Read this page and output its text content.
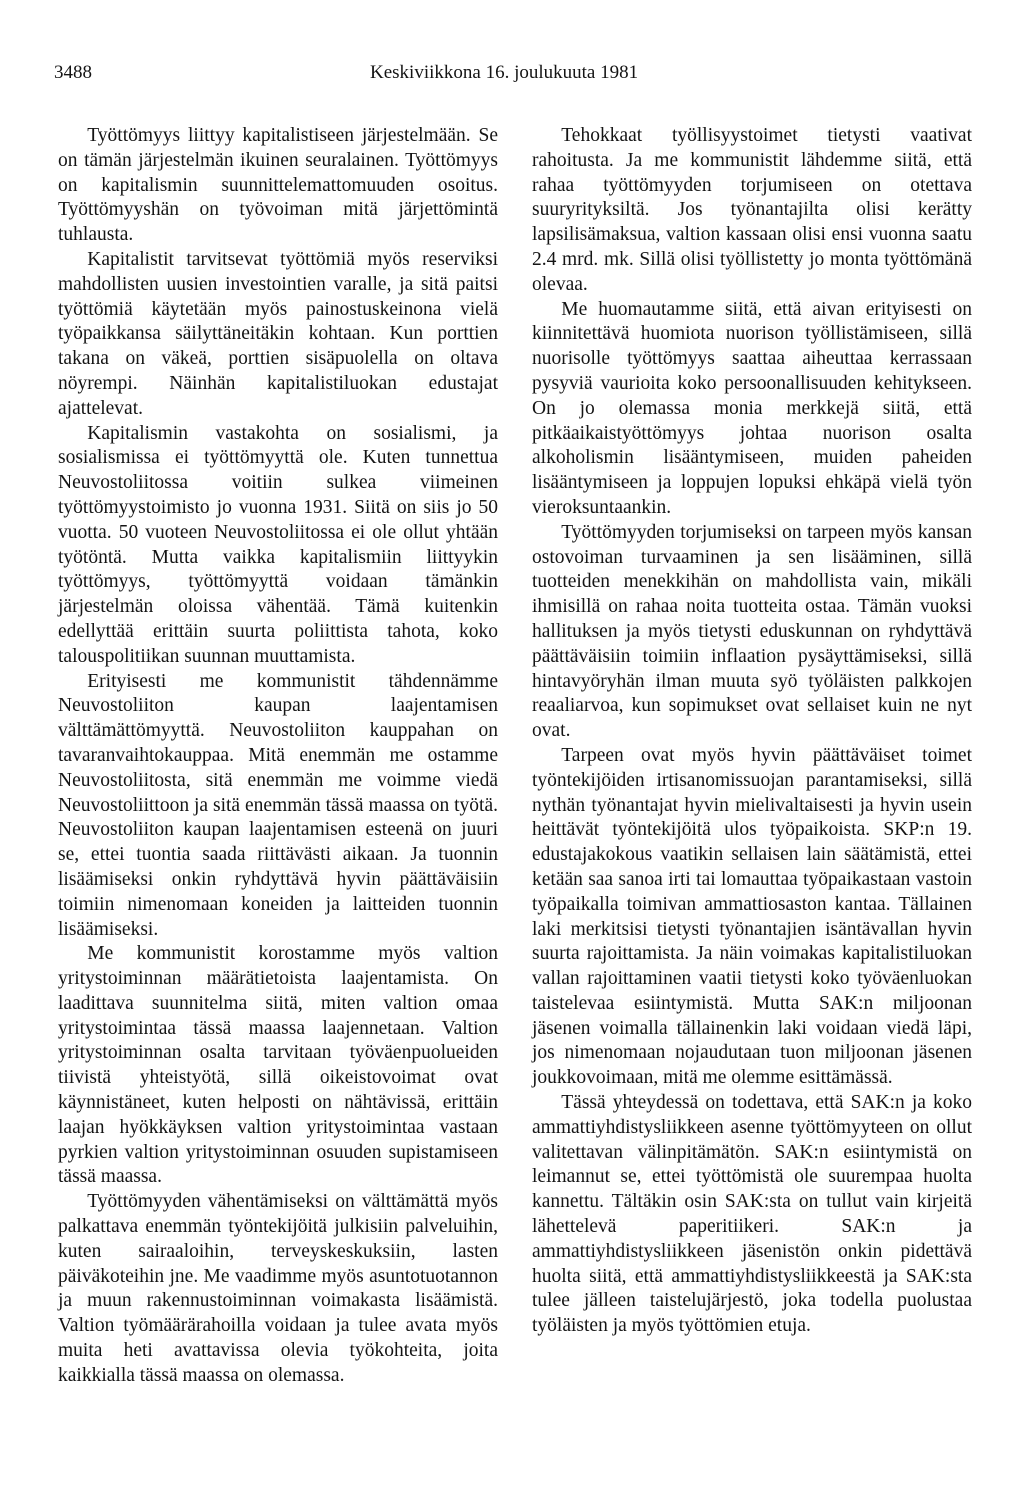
3488	Keskiviikkona 16. joulukuuta 1981

Työttömyys liittyy kapitalistiseen järjestelmään. Se on tämän järjestelmän ikuinen seuralainen. Työttömyys on kapitalismin suunnittelemattomuuden osoitus. Työttömyyshän on työvoiman mitä järjettömintä tuhlausta.

Kapitalistit tarvitsevat työttömiä myös reserviksi mahdollisten uusien investointien varalle, ja sitä paitsi työttömiä käytetään myös painostuskeinona vielä työpaikkansa säilyttäneitäkin kohtaan. Kun porttien takana on väkeä, porttien sisäpuolella on oltava nöyrempi. Näinhän kapitalistiluokan edustajat ajattelevat.

Kapitalismin vastakohta on sosialismi, ja sosialismissa ei työttömyyttä ole. Kuten tunnettua Neuvostoliitossa voitiin sulkea viimeinen työttömyystoimisto jo vuonna 1931. Siitä on siis jo 50 vuotta. 50 vuoteen Neuvostoliitossa ei ole ollut yhtään työtöntä. Mutta vaikka kapitalismiin liittyykin työttömyys, työttömyyttä voidaan tämänkin järjestelmän oloissa vähentää. Tämä kuitenkin edellyttää erittäin suurta poliittista tahota, koko talouspolitiikan suunnan muuttamista.

Erityisesti me kommunistit tähdennämme Neuvostoliiton kaupan laajentamisen välttämättömyyttä. Neuvostoliiton kauppahan on tavaranvaihtokauppaa. Mitä enemmän me ostamme Neuvostoliitosta, sitä enemmän me voimme viedä Neuvostoliittoon ja sitä enemmän tässä maassa on työtä. Neuvostoliiton kaupan laajentamisen esteenä on juuri se, ettei tuontia saada riittävästi aikaan. Ja tuonnin lisäämiseksi onkin ryhdyttävä hyvin päättäväisiin toimiin nimenomaan koneiden ja laitteiden tuonnin lisäämiseksi.

Me kommunistit korostamme myös valtion yritystoiminnan määrätietoista laajentamista. On laadittava suunnitelma siitä, miten valtion omaa yritystoimintaa tässä maassa laajennetaan. Valtion yritystoiminnan osalta tarvitaan työväenpuolueiden tiivistä yhteistyötä, sillä oikeistovoimat ovat käynnistäneet, kuten helposti on nähtävissä, erittäin laajan hyökkäyksen valtion yritystoimintaa vastaan pyrkien valtion yritystoiminnan osuuden supistamiseen tässä maassa.

Työttömyyden vähentämiseksi on välttämättä myös palkattava enemmän työntekijöitä julkisiin palveluihin, kuten sairaaloihin, terveyskeskuksiin, lasten päiväkoteihin jne. Me vaadimme myös asuntotuotannon ja muun rakennustoiminnan voimakasta lisäämistä. Valtion työmäärärahoilla voidaan ja tulee avata myös muita heti avattavissa olevia työkohteita, joita kaikkialla tässä maassa on olemassa.

Tehokkaat työllisyystoimet tietysti vaativat rahoitusta. Ja me kommunistit lähdemme siitä, että rahaa työttömyyden torjumiseen on otettava suuryrityksiltä. Jos työnantajilta olisi kerätty lapsilisämaksua, valtion kassaan olisi ensi vuonna saatu 2.4 mrd. mk. Sillä olisi työllistetty jo monta työttömänä olevaa.

Me huomautamme siitä, että aivan erityisesti on kiinnitettävä huomiota nuorison työllistämiseen, sillä nuorisolle työttömyys saattaa aiheuttaa kerrassaan pysyviä vaurioita koko persoonallisuuden kehitykseen. On jo olemassa monia merkkejä siitä, että pitkäaikaistyöttömyys johtaa nuorison osalta alkoholismin lisääntymiseen, muiden paheiden lisääntymiseen ja loppujen lopuksi ehkäpä vielä työn vieroksuntaankin.

Työttömyyden torjumiseksi on tarpeen myös kansan ostovoiman turvaaminen ja sen lisääminen, sillä tuotteiden menekkihän on mahdollista vain, mikäli ihmisillä on rahaa noita tuotteita ostaa. Tämän vuoksi hallituksen ja myös tietysti eduskunnan on ryhdyttävä päättäväisiin toimiin inflaation pysäyttämiseksi, sillä hintavyöryhän ilman muuta syö työläisten palkkojen reaaliarvoa, kun sopimukset ovat sellaiset kuin ne nyt ovat.

Tarpeen ovat myös hyvin päättäväiset toimet työntekijöiden irtisanomissuojan parantamiseksi, sillä nythän työnantajat hyvin mielivaltaisesti ja hyvin usein heittävät työntekijöitä ulos työpaikoista. SKP:n 19. edustajakokous vaatikin sellaisen lain säätämistä, ettei ketään saa sanoa irti tai lomauttaa työpaikastaan vastoin työpaikalla toimivan ammattiosaston kantaa. Tällainen laki merkitsisi tietysti työnantajien isäntävallan hyvin suurta rajoittamista. Ja näin voimakas kapitalistiluokan vallan rajoittaminen vaatii tietysti koko työväenluokan taistelevaa esiintymistä. Mutta SAK:n miljoonan jäsenen voimalla tällainenkin laki voidaan viedä läpi, jos nimenomaan nojaudutaan tuon miljoonan jäsenen joukkovoimaan, mitä me olemme esittämässä.

Tässä yhteydessä on todettava, että SAK:n ja koko ammattiyhdistysliikkeen asenne työttömyyteen on ollut valitettavan välinpitämätön. SAK:n esiintymistä on leimannut se, ettei työttömistä ole suurempaa huolta kannettu. Tältäkin osin SAK:sta on tullut vain kirjeitä lähettelevä paperitiikeri. SAK:n ja ammattiyhdistysliikkeen jäsenistön onkin pidettävä huolta siitä, että ammattiyhdistysliikkeestä ja SAK:sta tulee jälleen taistelujärjestö, joka todella puolustaa työläisten ja myös työttömien etuja.
